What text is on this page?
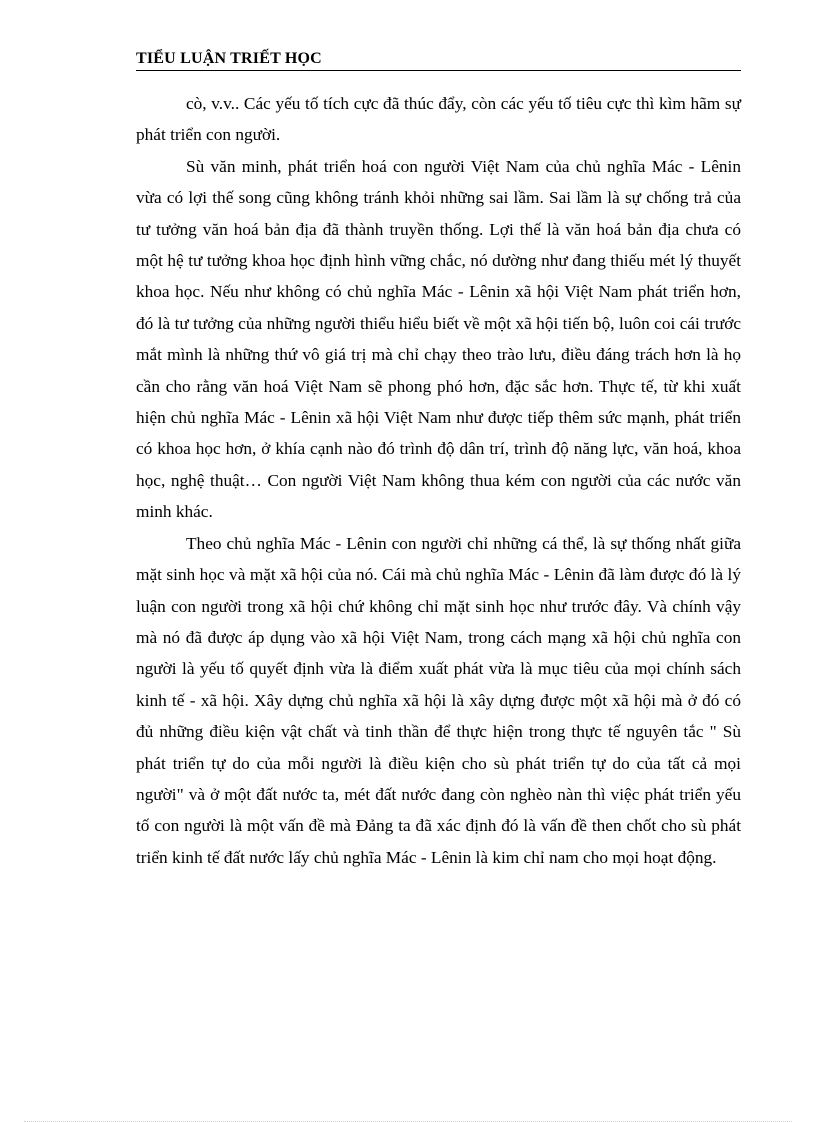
TIỂU LUẬN TRIẾT HỌC

cò, v.v.. Các yếu tố tích cực đã thúc đẩy, còn các yếu tố tiêu cực thì kìm hãm sự phát triển con người.

Sù văn minh, phát triển hoá con người Việt Nam của chủ nghĩa Mác - Lênin vừa có lợi thế song cũng không tránh khỏi những sai lầm. Sai lầm là sự chống trả của tư tưởng văn hoá bản địa đã thành truyền thống. Lợi thế là văn hoá bản địa chưa có một hệ tư tưởng khoa học định hình vững chắc, nó dường như đang thiếu mét lý thuyết khoa học. Nếu như không có chủ nghĩa Mác - Lênin xã hội Việt Nam phát triển hơn, đó là tư tưởng của những người thiểu hiểu biết về một xã hội tiến bộ, luôn coi cái trước mắt mình là những thứ vô giá trị mà chỉ chạy theo trào lưu, điều đáng trách hơn là họ cần cho rằng văn hoá Việt Nam sẽ phong phó hơn, đặc sắc hơn. Thực tế, từ khi xuất hiện chủ nghĩa Mác - Lênin xã hội Việt Nam như được tiếp thêm sức mạnh, phát triển có khoa học hơn, ở khía cạnh nào đó trình độ dân trí, trình độ năng lực, văn hoá, khoa học, nghệ thuật… Con người Việt Nam không thua kém con người của các nước văn minh khác.

Theo chủ nghĩa Mác - Lênin con người chỉ những cá thể, là sự thống nhất giữa mặt sinh học và mặt xã hội của nó. Cái mà chủ nghĩa Mác - Lênin đã làm được đó là lý luận con người trong xã hội chứ không chỉ mặt sinh học như trước đây. Và chính vậy mà nó đã được áp dụng vào xã hội Việt Nam, trong cách mạng xã hội chủ nghĩa con người là yếu tố quyết định vừa là điểm xuất phát vừa là mục tiêu của mọi chính sách kinh tế - xã hội. Xây dựng chủ nghĩa xã hội là xây dựng được một xã hội mà ở đó có đủ những điều kiện vật chất và tinh thần để thực hiện trong thực tế nguyên tắc " Sù phát triển tự do của mỗi người là điều kiện cho sù phát triển tự do của tất cả mọi người" và ở một đất nước ta, mét đất nước đang còn nghèo nàn thì việc phát triển yếu tố con người là một vấn đề mà Đảng ta đã xác định đó là vấn đề then chốt cho sù phát triển kinh tế đất nước lấy chủ nghĩa Mác - Lênin là kim chỉ nam cho mọi hoạt động.
